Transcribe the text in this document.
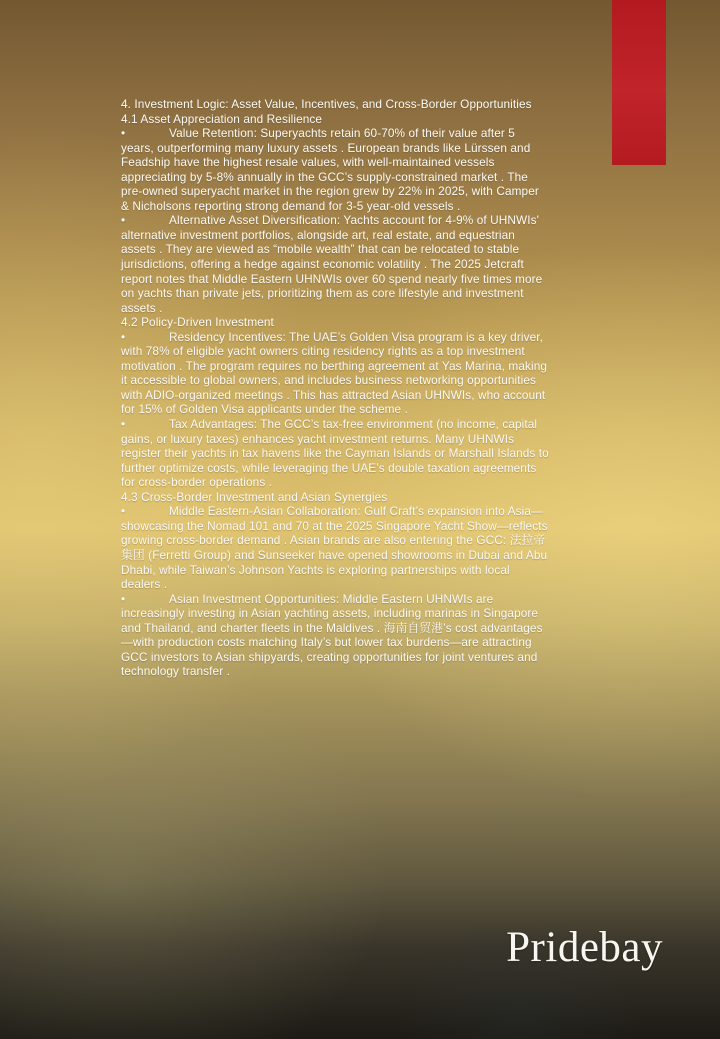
4. Investment Logic: Asset Value, Incentives, and Cross-Border Opportunities

4.1 Asset Appreciation and Resilience

•	Value Retention: Superyachts retain 60-70% of their value after 5 years, outperforming many luxury assets . European brands like Lürssen and Feadship have the highest resale values, with well-maintained vessels appreciating by 5-8% annually in the GCC’s supply-constrained market . The pre-owned superyacht market in the region grew by 22% in 2025, with Camper & Nicholsons reporting strong demand for 3-5 year-old vessels .

•	Alternative Asset Diversification: Yachts account for 4-9% of UHNWIs' alternative investment portfolios, alongside art, real estate, and equestrian assets . They are viewed as “mobile wealth” that can be relocated to stable jurisdictions, offering a hedge against economic volatility . The 2025 Jetcraft report notes that Middle Eastern UHNWIs over 60 spend nearly five times more on yachts than private jets, prioritizing them as core lifestyle and investment assets .

4.2 Policy-Driven Investment

•	Residency Incentives: The UAE’s Golden Visa program is a key driver, with 78% of eligible yacht owners citing residency rights as a top investment motivation . The program requires no berthing agreement at Yas Marina, making it accessible to global owners, and includes business networking opportunities with ADIO-organized meetings . This has attracted Asian UHNWIs, who account for 15% of Golden Visa applicants under the scheme .

•	Tax Advantages: The GCC’s tax-free environment (no income, capital gains, or luxury taxes) enhances yacht investment returns. Many UHNWIs register their yachts in tax havens like the Cayman Islands or Marshall Islands to further optimize costs, while leveraging the UAE’s double taxation agreements for cross-border operations .

4.3 Cross-Border Investment and Asian Synergies

•	Middle Eastern-Asian Collaboration: Gulf Craft’s expansion into Asia—showcasing the Nomad 101 and 70 at the 2025 Singapore Yacht Show—reflects growing cross-border demand . Asian brands are also entering the GCC: 法拉帝集团 (Ferretti Group) and Sunseeker have opened showrooms in Dubai and Abu Dhabi, while Taiwan’s Johnson Yachts is exploring partnerships with local dealers .

•	Asian Investment Opportunities: Middle Eastern UHNWIs are increasingly investing in Asian yachting assets, including marinas in Singapore and Thailand, and charter fleets in the Maldives . 海南自贸港’s cost advantages—with production costs matching Italy’s but lower tax burdens—are attracting GCC investors to Asian shipyards, creating opportunities for joint ventures and technology transfer .

Pridebay
